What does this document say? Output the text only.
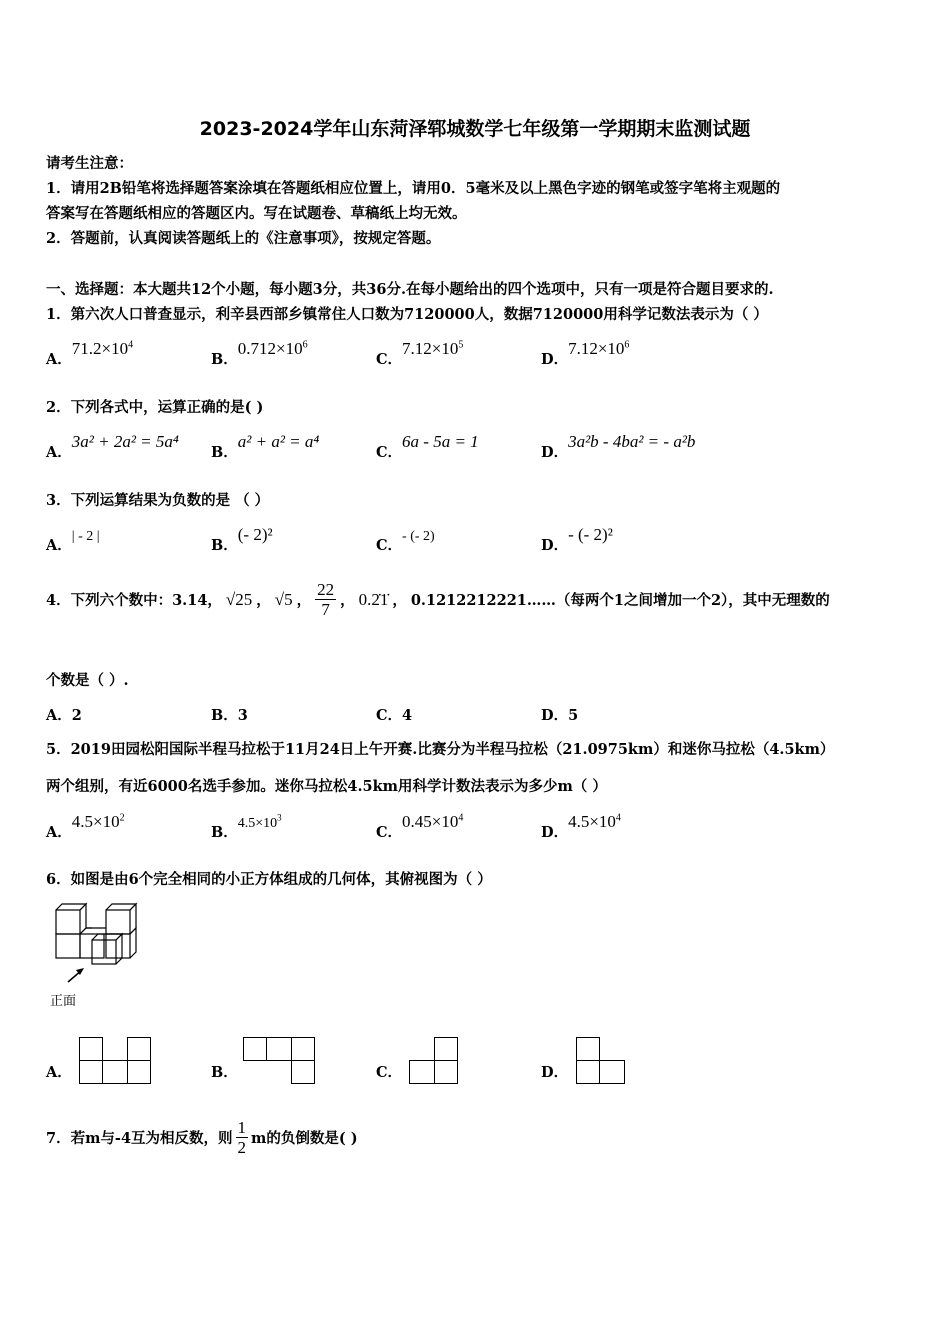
2023-2024学年山东菏泽郓城数学七年级第一学期期末监测试题
请考生注意：
1．请用2B铅笔将选择题答案涂填在答题纸相应位置上，请用0．5毫米及以上黑色字迹的钢笔或签字笔将主观题的
答案写在答题纸相应的答题区内。写在试题卷、草稿纸上均无效。
2．答题前，认真阅读答题纸上的《注意事项》，按规定答题。
一、选择题：本大题共12个小题，每小题3分，共36分.在每小题给出的四个选项中，只有一项是符合题目要求的.
1．第六次人口普查显示，利辛县西部乡镇常住人口数为7120000人，数据7120000用科学记数法表示为（ ）
A．$71.2\times 10^4$
B．$0.712\times 10^6$
C．$7.12\times 10^5$
D．$7.12\times 10^6$
2．下列各式中，运算正确的是( )
A．3a² + 2a² = 5a⁴
B．a² + a² = a⁴
C．6a - 5a = 1
D．3a²b - 4ba² = - a²b
3．下列运算结果为负数的是 （ ）
A．| - 2 |
B．(- 2)²
C．- (- 2)
D．- (- 2)²
4．下列六个数中：3.14， √25 ， √5 ， $\frac{22}{7}$ ， 0.2̇1̇ ， 0.1212212221……（每两个1之间增加一个2），其中无理数的
个数是（ ）.
A．2	B．3	C．4	D．5
5．2019田园松阳国际半程马拉松于11月24日上午开赛.比赛分为半程马拉松（21.0975km）和迷你马拉松（4.5km）
两个组别，有近6000名选手参加。迷你马拉松4.5km用科学计数法表示为多少m（ ）
A．$4.5\times 10^2$
B．$4.5\times 10^3$
C．$0.45\times 10^4$
D．$4.5\times 10^4$
6．如图是由6个完全相同的小正方体组成的几何体，其俯视图为（ ）
正面
A．	B．	C．	D．
7．若m与-4互为相反数，则 $\frac{1}{2}$ m的负倒数是( )
